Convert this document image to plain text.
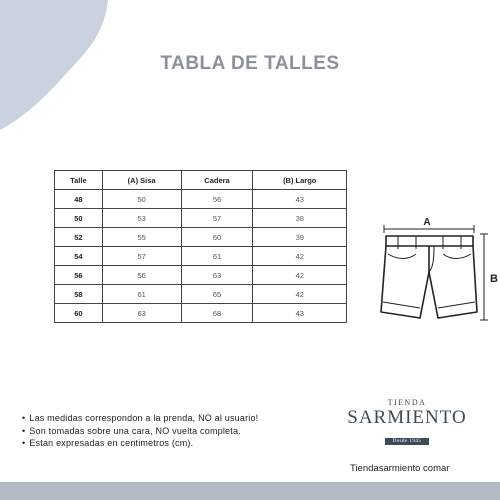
TABLA DE TALLES
Talle	(A) Sisa	Cadera	(B) Largo
48	50	56	43
50	53	57	38
52	55	60	39
54	57	61	42
56	56	63	42
58	61	65	42
60	63	68	43
A
B
• Las medidas correspondon a la prenda, NO al usuario!
• Son tomadas sobre una cara, NO vuelta completa.
• Estan expresadas en centimetros (cm).
TIENDA
SARMIENTO
Desde 1945
Tiendasarmiento comar
